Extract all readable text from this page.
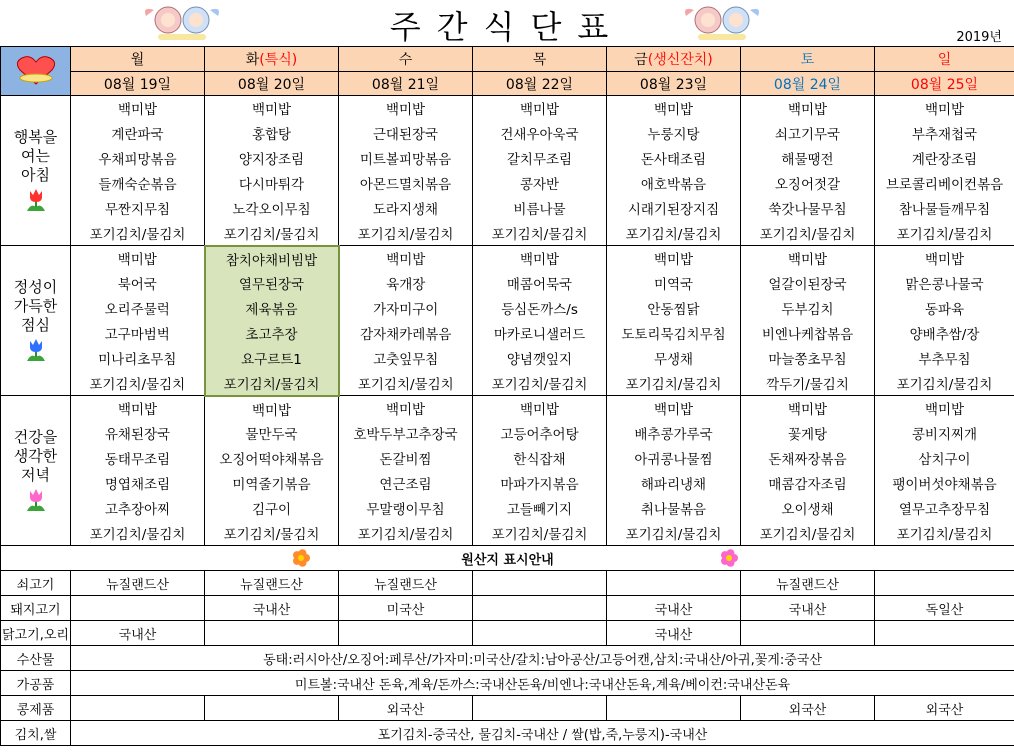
주간식단표	2019년
	월	화(특식)	수	목	금(생신잔치)	토	일
	08월 19일	08월 20일	08월 21일	08월 22일	08월 23일	08월 24일	08월 25일

행복을
여는
아침	백미밥	백미밥	백미밥	백미밥	백미밥	백미밥	백미밥
	계란파국	홍합탕	근대된장국	건새우아욱국	누룽지탕	쇠고기무국	부추재첩국
	우채피망볶음	양지장조림	미트볼피망볶음	갈치무조림	돈사태조림	해물땡전	계란장조림
	들깨숙순볶음	다시마튀각	아몬드멸치볶음	콩자반	애호박볶음	오징어젓갈	브로콜리베이컨볶음
	무짠지무침	노각오이무침	도라지생채	비름나물	시래기된장지짐	쑥갓나물무침	참나물들깨무침
	포기김치/물김치	포기김치/물김치	포기김치/물김치	포기김치/물김치	포기김치/물김치	포기김치/물김치	포기김치/물김치

정성이
가득한
점심	백미밥	참치야채비빔밥	백미밥	백미밥	백미밥	백미밥	백미밥
	북어국	열무된장국	육개장	매콤어묵국	미역국	얼갈이된장국	맑은콩나물국
	오리주물럭	제육볶음	가자미구이	등심돈까스/s	안동찜닭	두부김치	동파육
	고구마범벅	초고추장	감자채카레볶음	마카로니샐러드	도토리묵김치무침	비엔나케찹볶음	양배추쌈/장
	미나리초무침	요구르트1	고춧잎무침	양념깻잎지	무생채	마늘쫑초무침	부추무침
	포기김치/물김치	포기김치/물김치	포기김치/물김치	포기김치/물김치	포기김치/물김치	깍두기/물김치	포기김치/물김치

건강을
생각한
저녁	백미밥	백미밥	백미밥	백미밥	백미밥	백미밥	백미밥
	유채된장국	물만두국	호박두부고추장국	고등어추어탕	배추콩가루국	꽃게탕	콩비지찌개
	동태무조림	오징어떡야채볶음	돈갈비찜	한식잡채	아귀콩나물찜	돈채짜장볶음	삼치구이
	명엽채조림	미역줄기볶음	연근조림	마파가지볶음	해파리냉채	매콤감자조림	팽이버섯야채볶음
	고추장아찌	김구이	무말랭이무침	고들빼기지	취나물볶음	오이생채	열무고추장무침
	포기김치/물김치	포기김치/물김치	포기김치/물김치	포기김치/물김치	포기김치/물김치	포기김치/물김치	포기김치/물김치
원산지 표시안내							

쇠고기	뉴질랜드산	뉴질랜드산	뉴질랜드산			뉴질랜드산	
돼지고기		국내산	미국산		국내산	국내산	독일산
닭고기,오리	국내산				국내산		
수산물	동태:러시아산/오징어:페루산/가자미:미국산/갈치:남아공산/고등어캔,삼치:국내산/아귀,꽃게:중국산						
가공품	미트볼:국내산 돈육,계육/돈까스:국내산돈육/비엔나:국내산돈육,계육/베이컨:국내산돈육						
콩제품			외국산			외국산	외국산
김치,쌀	포기김치-중국산, 물김치-국내산 / 쌀(밥,죽,누룽지)-국내산						
